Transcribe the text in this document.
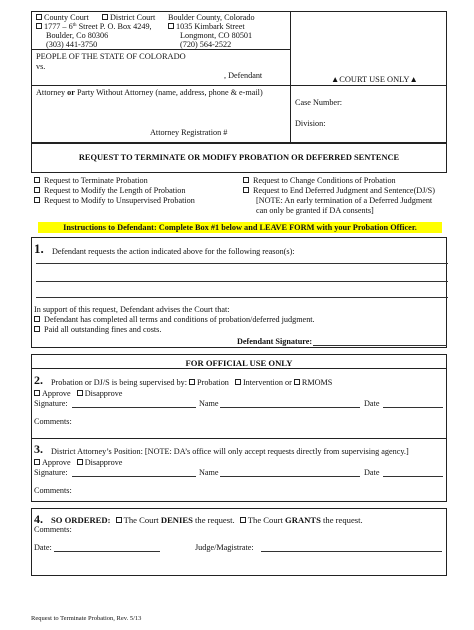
County Court	District Court Boulder County, Colorado
1777 – 6th Street P. O. Box 4249,
Boulder, Co 80306
(303) 441-3750
1035 Kimbark Street
Longmont, CO 80501
(720) 564-2522
PEOPLE OF THE STATE OF COLORADO
vs.
, Defendant	▲COURT USE ONLY▲
Attorney or Party Without Attorney (name, address, phone & e-mail)
Case Number:
Division:
Attorney Registration #
REQUEST TO TERMINATE OR MODIFY PROBATION OR DEFERRED SENTENCE
Request to Terminate Probation
Request to Modify the Length of Probation
Request to Modify to Unsupervised Probation
Request to Change Conditions of Probation
Request to End Deferred Judgment and Sentence(DJ/S)
[NOTE: An early termination of a Deferred Judgment
can only be granted if DA consents]
Instructions to Defendant: Complete Box #1 below and LEAVE FORM with your Probation Officer.
1. Defendant requests the action indicated above for the following reason(s):
In support of this request, Defendant advises the Court that:
Defendant has completed all terms and conditions of probation/deferred judgment.
Paid all outstanding fines and costs.
Defendant Signature:
FOR OFFICIAL USE ONLY
2. Probation or DJ/S is being supervised by: Probation Intervention or RMOMS
Approve Disapprove
Signature:	Name	Date
Comments:
3. District Attorney’s Position: [NOTE: DA’s office will only accept requests directly from supervising agency.]
Approve Disapprove
Signature:	Name	Date
Comments:
4. SO ORDERED: The Court DENIES the request. The Court GRANTS the request.
Comments:
Date:	Judge/Magistrate:
Request to Terminate Probation, Rev. 5/13
